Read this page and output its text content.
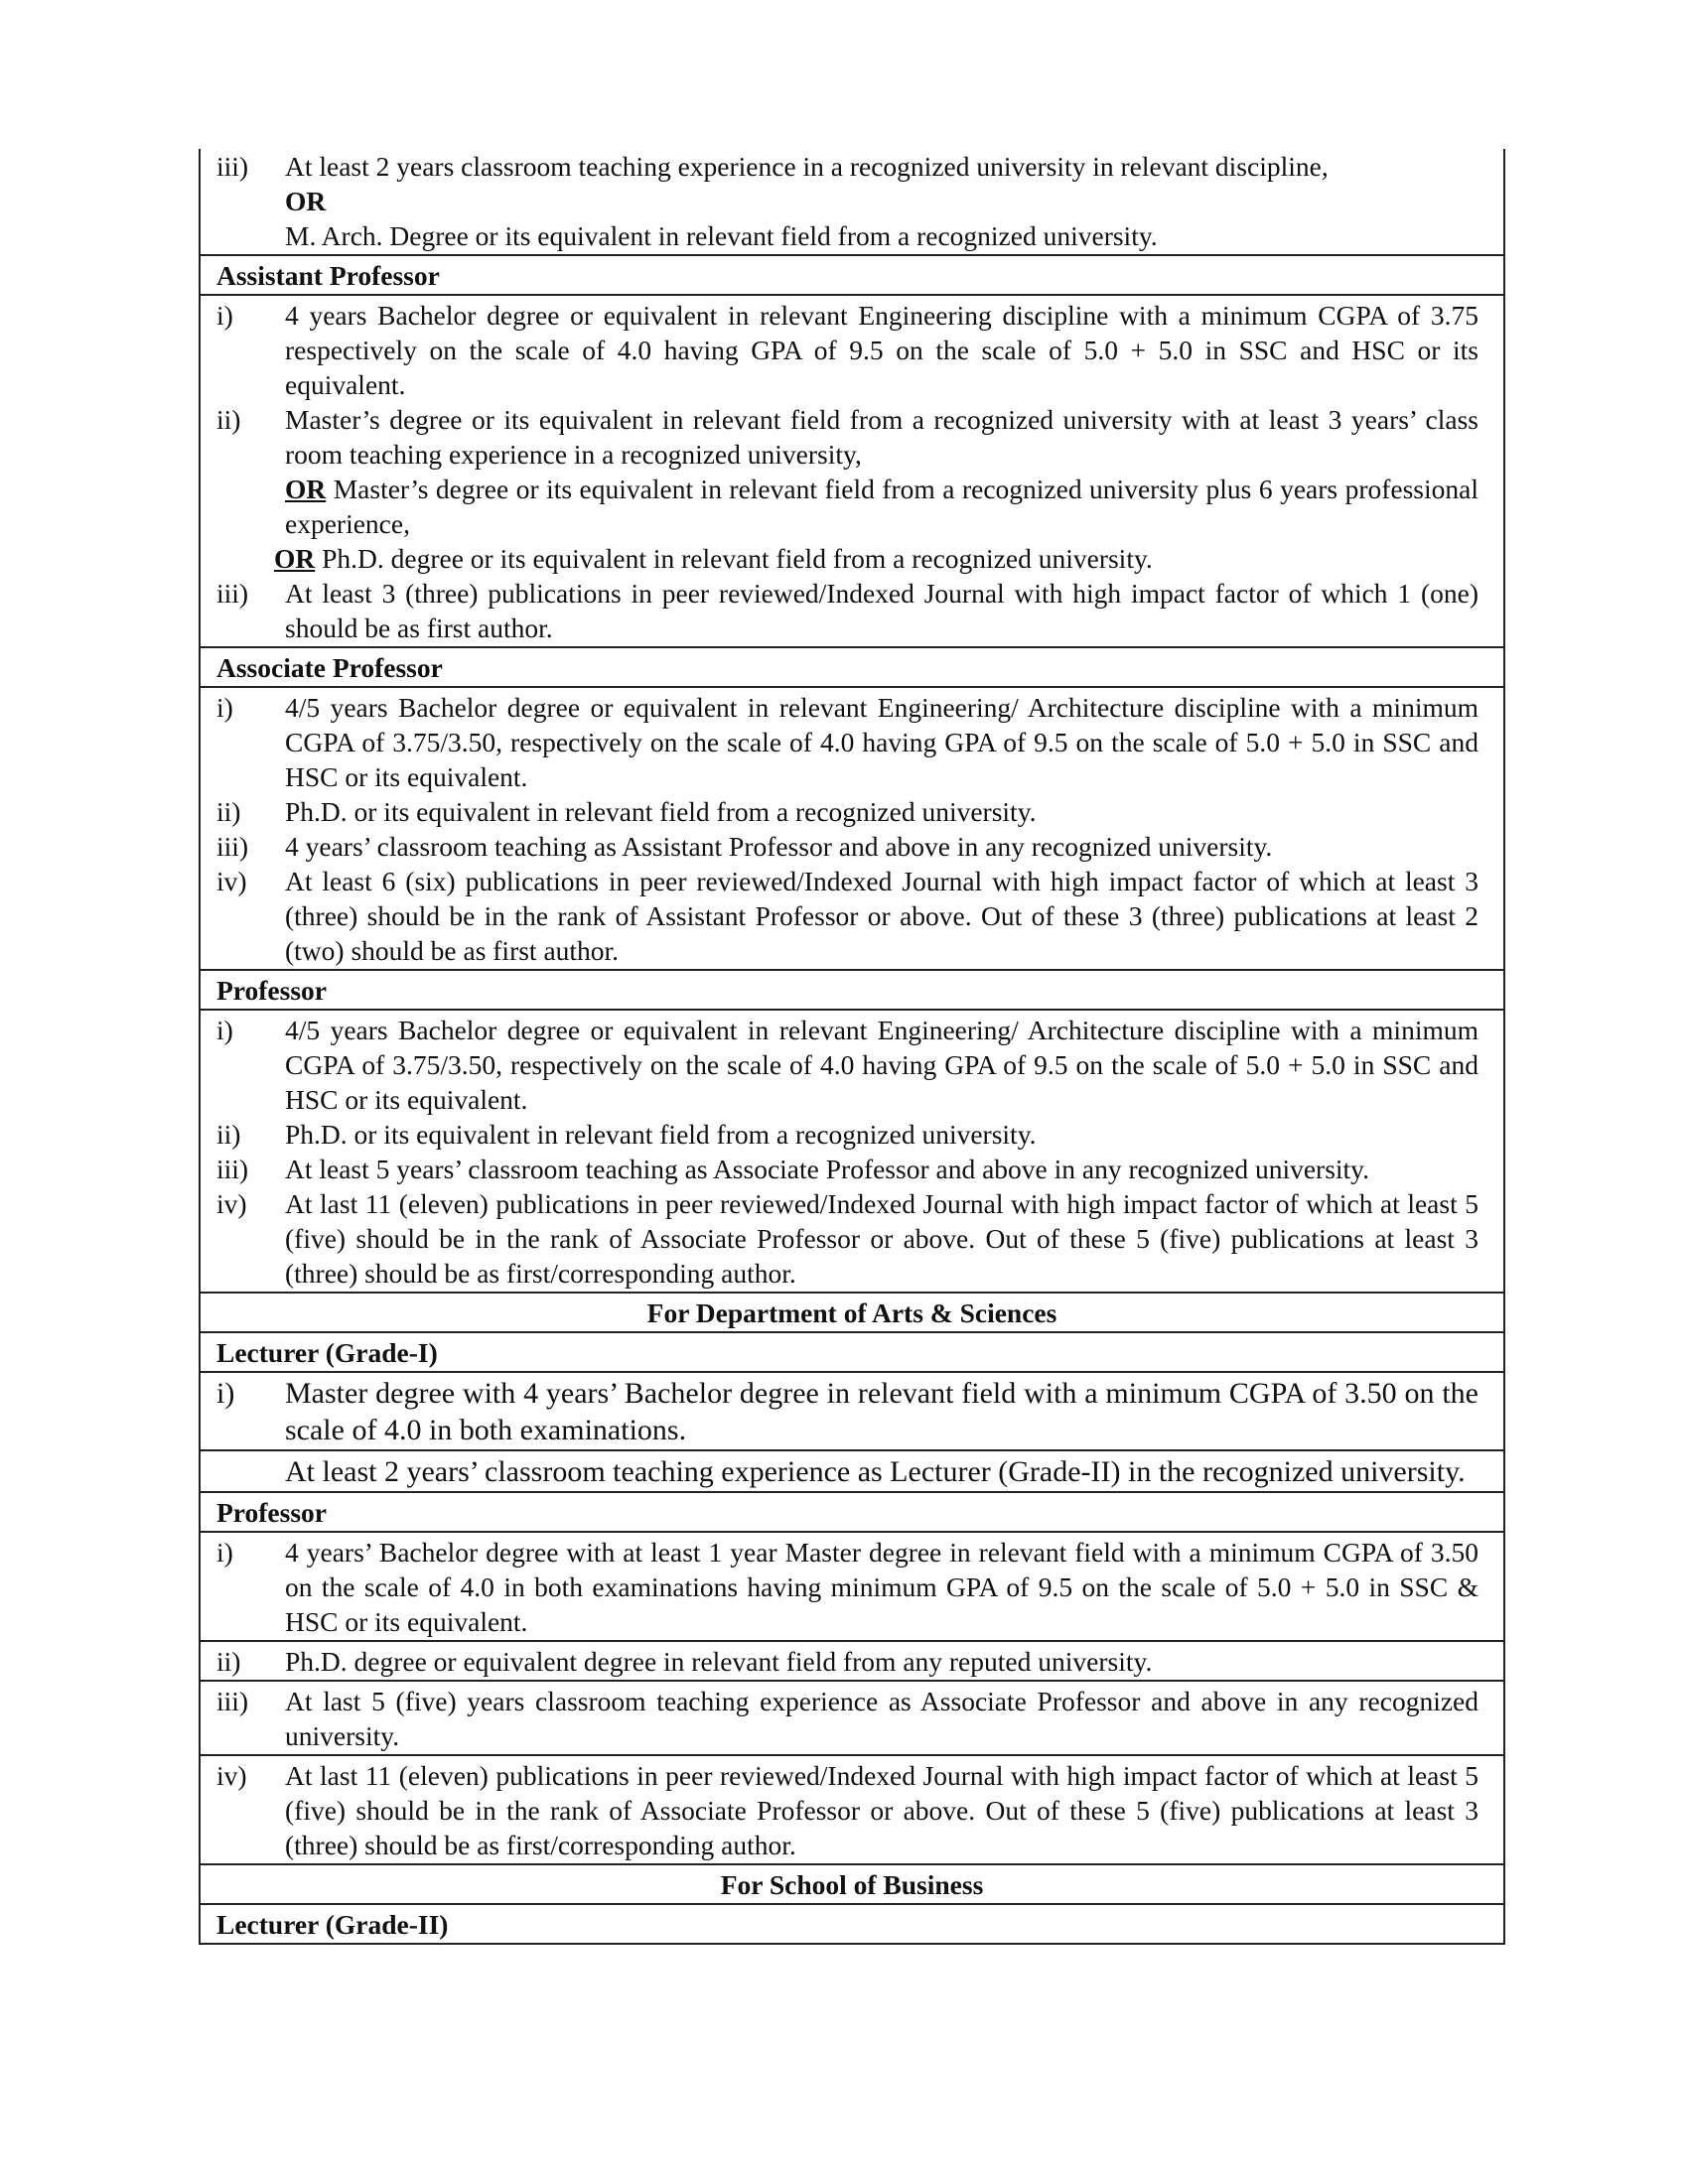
iii)	At least 2 years classroom teaching experience in a recognized university in relevant discipline,
OR
M. Arch. Degree or its equivalent in relevant field from a recognized university.
Assistant Professor
i)	4 years Bachelor degree or equivalent in relevant Engineering discipline with a minimum CGPA of 3.75 respectively on the scale of 4.0 having GPA of 9.5 on the scale of 5.0 + 5.0 in SSC and HSC or its equivalent.
ii)	Master’s degree or its equivalent in relevant field from a recognized university with at least 3 years’ class room teaching experience in a recognized university,
OR Master’s degree or its equivalent in relevant field from a recognized university plus 6 years professional experience,
OR Ph.D. degree or its equivalent in relevant field from a recognized university.
iii)	At least 3 (three) publications in peer reviewed/Indexed Journal with high impact factor of which 1 (one) should be as first author.
Associate Professor
i)	4/5 years Bachelor degree or equivalent in relevant Engineering/ Architecture discipline with a minimum CGPA of 3.75/3.50, respectively on the scale of 4.0 having GPA of 9.5 on the scale of 5.0 + 5.0 in SSC and HSC or its equivalent.
ii)	Ph.D. or its equivalent in relevant field from a recognized university.
iii)	4 years’ classroom teaching as Assistant Professor and above in any recognized university.
iv)	At least 6 (six) publications in peer reviewed/Indexed Journal with high impact factor of which at least 3 (three) should be in the rank of Assistant Professor or above. Out of these 3 (three) publications at least 2 (two) should be as first author.
Professor
i)	4/5 years Bachelor degree or equivalent in relevant Engineering/ Architecture discipline with a minimum CGPA of 3.75/3.50, respectively on the scale of 4.0 having GPA of 9.5 on the scale of 5.0 + 5.0 in SSC and HSC or its equivalent.
ii)	Ph.D. or its equivalent in relevant field from a recognized university.
iii)	At least 5 years’ classroom teaching as Associate Professor and above in any recognized university.
iv)	At last 11 (eleven) publications in peer reviewed/Indexed Journal with high impact factor of which at least 5 (five) should be in the rank of Associate Professor or above. Out of these 5 (five) publications at least 3 (three) should be as first/corresponding author.
For Department of Arts & Sciences
Lecturer (Grade-I)
i)	Master degree with 4 years’ Bachelor degree in relevant field with a minimum CGPA of 3.50 on the scale of 4.0 in both examinations.
At least 2 years’ classroom teaching experience as Lecturer (Grade-II) in the recognized university.
Professor
i)	4 years’ Bachelor degree with at least 1 year Master degree in relevant field with a minimum CGPA of 3.50 on the scale of 4.0 in both examinations having minimum GPA of 9.5 on the scale of 5.0 + 5.0 in SSC & HSC or its equivalent.
ii)	Ph.D. degree or equivalent degree in relevant field from any reputed university.
iii)	At last 5 (five) years classroom teaching experience as Associate Professor and above in any recognized university.
iv)	At last 11 (eleven) publications in peer reviewed/Indexed Journal with high impact factor of which at least 5 (five) should be in the rank of Associate Professor or above. Out of these 5 (five) publications at least 3 (three) should be as first/corresponding author.
For School of Business
Lecturer (Grade-II)
